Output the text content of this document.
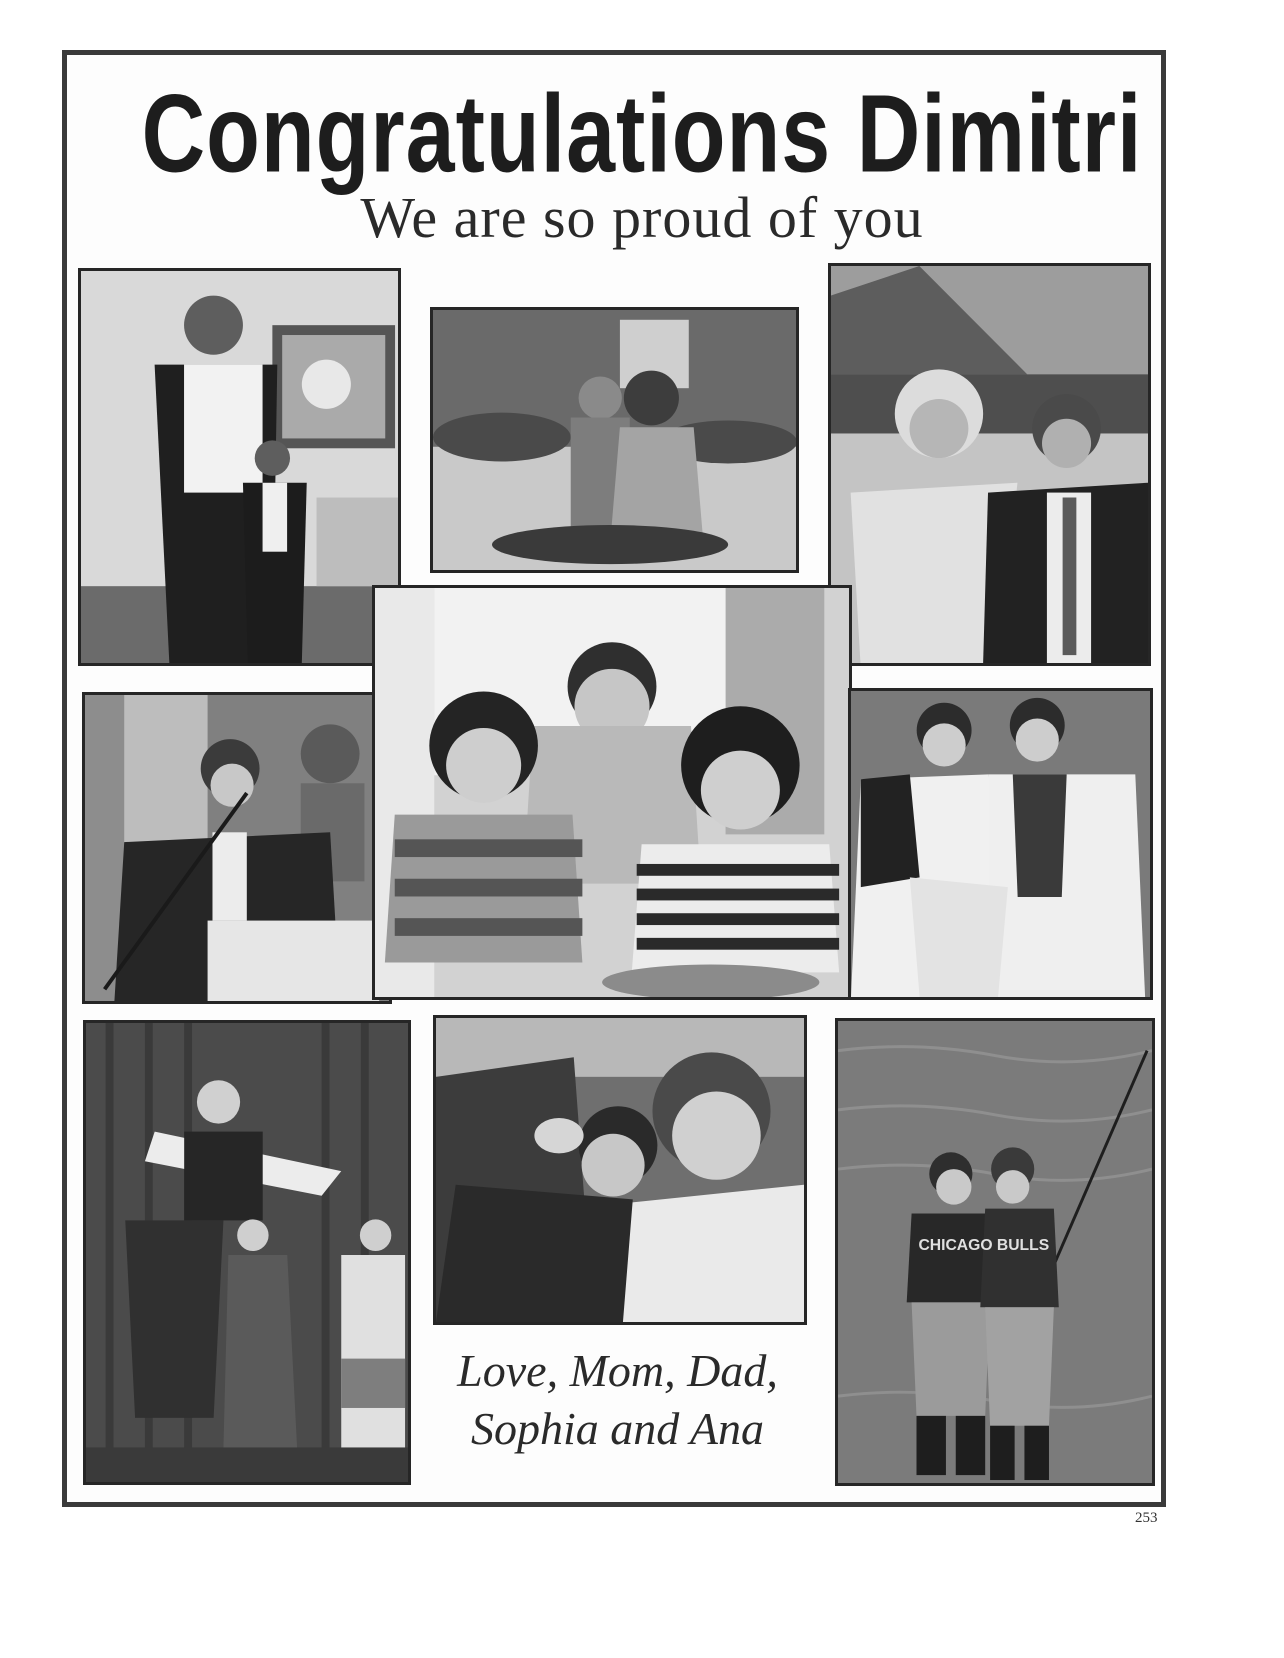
Congratulations Dimitri
We are so proud of you
CHICAGO BULLS
Love, Mom, Dad,
Sophia and Ana
253
